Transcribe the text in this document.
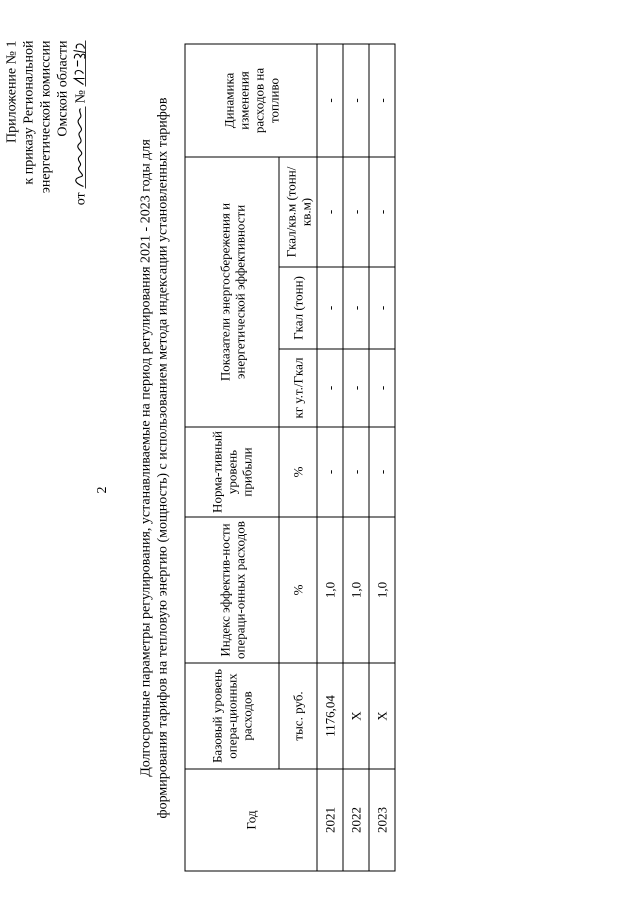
2
Приложение № 1 к приказу Региональной энергетической комиссии Омской области
от
№
Долгосрочные параметры регулирования, устанавливаемые на период регулирования 2021 - 2023 годы для формирования тарифов на тепловую энергию (мощность) с использованием метода индексации установленных тарифов
Год	Базовый уровень опера-ционных расходов	Индекс эффектив-ности операци-онных расходов	Норма-тивный уровень прибыли	Показатели энергосбережения и энергетической эффективности			Динамика изменения расходов на топливо
	тыс. руб.	%	%	кг у.т./Гкал	Гкал (тонн)	Гкал/кв.м (тонн/кв.м)	
2021	1176,04	1,0	-	-	-	-	-
2022	X	1,0	-	-	-	-	-
2023	X	1,0	-	-	-	-	-
